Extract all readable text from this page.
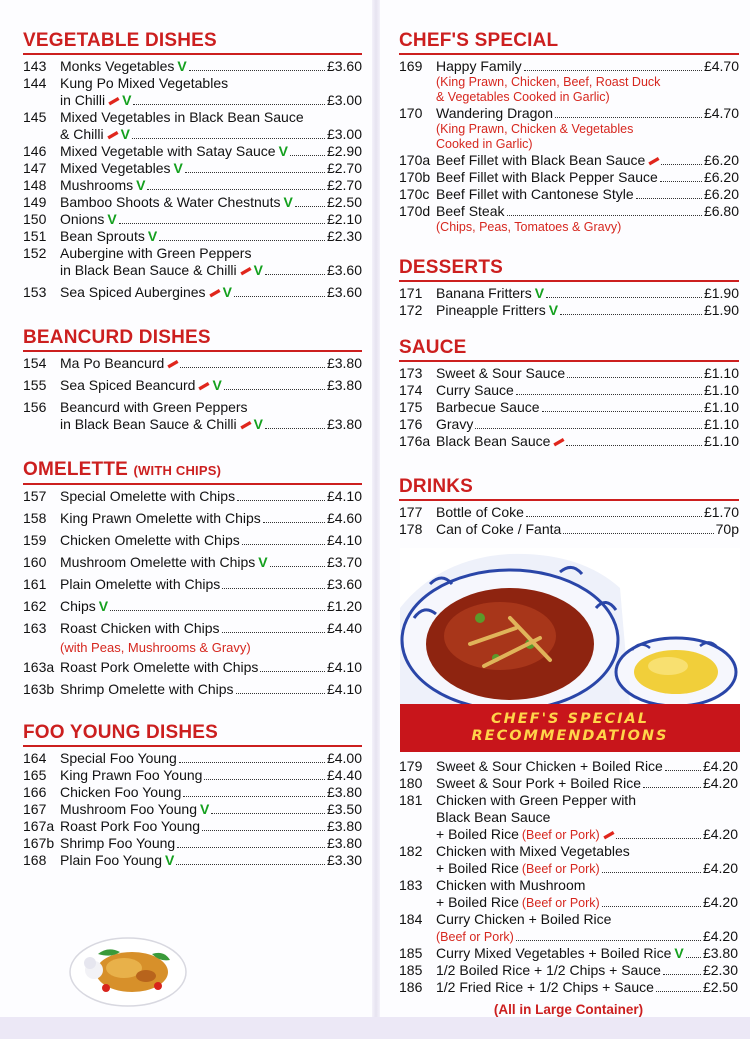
VEGETABLE DISHES
143 Monks Vegetables V	£3.60
144 Kung Po Mixed Vegetables
in Chilli ▬ V	£3.00
145 Mixed Vegetables in Black Bean Sauce
& Chilli ▬ V	£3.00
146 Mixed Vegetable with Satay Sauce V	£2.90
147 Mixed Vegetables V	£2.70
148 Mushrooms V	£2.70
149 Bamboo Shoots & Water Chestnuts V £2.50
150 Onions V	£2.10
151 Bean Sprouts V	£2.30
152 Aubergine with Green Peppers
in Black Bean Sauce & Chilli ▬ V	£3.60
153 Sea Spiced Aubergines ▬ V	£3.60
BEANCURD DISHES
154 Ma Po Beancurd ▬	£3.80
155 Sea Spiced Beancurd ▬ V	£3.80
156 Beancurd with Green Peppers
in Black Bean Sauce & Chilli ▬ V	£3.80
OMELETTE (WITH CHIPS)
157 Special Omelette with Chips	£4.10
158 King Prawn Omelette with Chips	£4.60
159 Chicken Omelette with Chips	£4.10
160 Mushroom Omelette with Chips V	£3.70
161 Plain Omelette with Chips	£3.60
162 Chips V	£1.20
163 Roast Chicken with Chips	£4.40
(with Peas, Mushrooms & Gravy)
163a Roast Pork Omelette with Chips	£4.10
163b Shrimp Omelette with Chips	£4.10
FOO YOUNG DISHES
164 Special Foo Young	£4.00
165 King Prawn Foo Young	£4.40
166 Chicken Foo Young	£3.80
167 Mushroom Foo Young V	£3.50
167a Roast Pork Foo Young	£3.80
167b Shrimp Foo Young	£3.80
168 Plain Foo Young V	£3.30
CHEF'S SPECIAL
169 Happy Family	£4.70
(King Prawn, Chicken, Beef, Roast Duck
& Vegetables Cooked in Garlic)
170 Wandering Dragon	£4.70
(King Prawn, Chicken & Vegetables
Cooked in Garlic)
170a Beef Fillet with Black Bean Sauce ▬	£6.20
170b Beef Fillet with Black Pepper Sauce	£6.20
170c Beef Fillet with Cantonese Style	£6.20
170d Beef Steak	£6.80
(Chips, Peas, Tomatoes & Gravy)
DESSERTS
171 Banana Fritters V	£1.90
172 Pineapple Fritters V	£1.90
SAUCE
173 Sweet & Sour Sauce	£1.10
174 Curry Sauce	£1.10
175 Barbecue Sauce	£1.10
176 Gravy	£1.10
176a Black Bean Sauce ▬	£1.10
DRINKS
177 Bottle of Coke	£1.70
178 Can of Coke / Fanta	70p
CHEF'S SPECIAL
RECOMMENDATIONS
179 Sweet & Sour Chicken + Boiled Rice	£4.20
180 Sweet & Sour Pork + Boiled Rice	£4.20
181 Chicken with Green Pepper with
Black Bean Sauce
+ Boiled Rice (Beef or Pork) ▬	£4.20
182 Chicken with Mixed Vegetables
+ Boiled Rice (Beef or Pork)	£4.20
183 Chicken with Mushroom
+ Boiled Rice (Beef or Pork)	£4.20
184 Curry Chicken + Boiled Rice
(Beef or Pork)	£4.20
185 Curry Mixed Vegetables + Boiled Rice V £3.80
185 1/2 Boiled Rice + 1/2 Chips + Sauce	£2.30
186 1/2 Fried Rice + 1/2 Chips + Sauce	£2.50
(All in Large Container)
